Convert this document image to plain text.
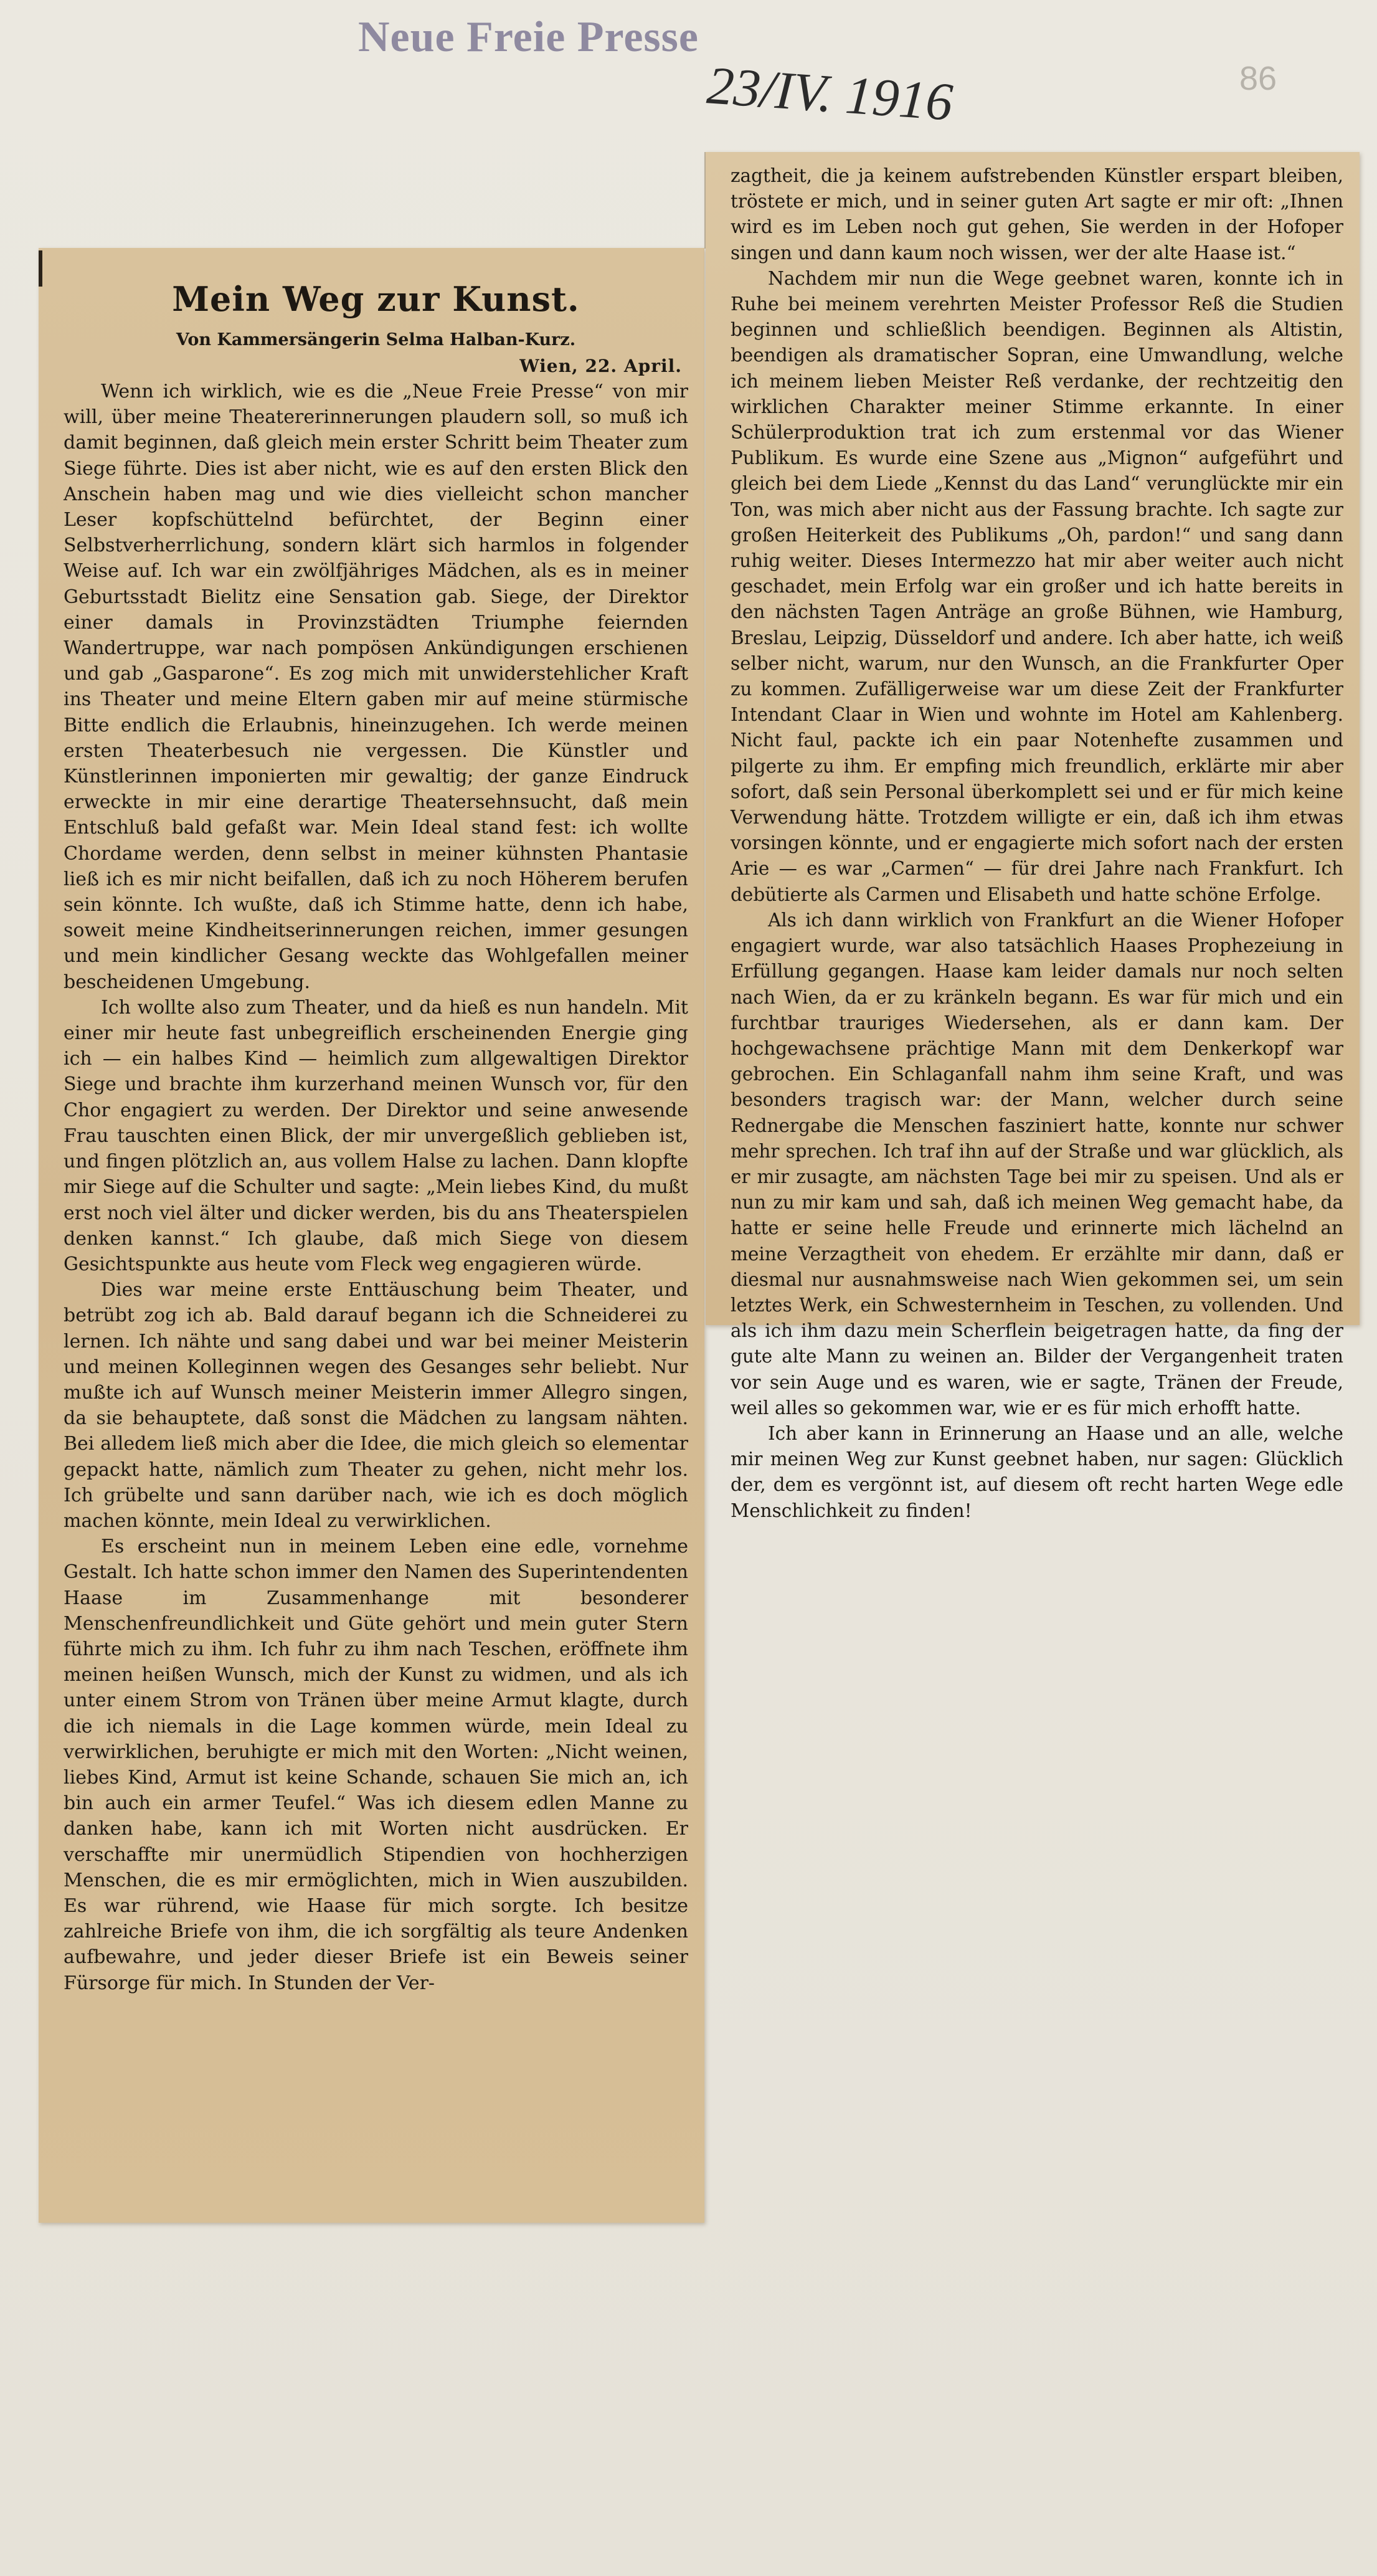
Neue Freie Presse
23/IV. 1916	86
Mein Weg zur Kunst.
Von Kammersängerin Selma Halban-Kurz.
Wien, 22. April.

Wenn ich wirklich, wie es die „Neue Freie Presse“ von mir will, über meine Theatererinnerungen plaudern soll, so muß ich damit beginnen, daß gleich mein erster Schritt beim Theater zum Siege führte. Dies ist aber nicht, wie es auf den ersten Blick den Anschein haben mag und wie dies vielleicht schon mancher Leser kopfschüttelnd befürchtet, der Beginn einer Selbstverherrlichung, sondern klärt sich harmlos in folgender Weise auf. Ich war ein zwölfjähriges Mädchen, als es in meiner Geburtsstadt Bielitz eine Sensation gab. Siege, der Direktor einer damals in Provinzstädten Triumphe feiernden Wandertruppe, war nach pompösen Ankündigungen erschienen und gab „Gasparone“. Es zog mich mit unwiderstehlicher Kraft ins Theater und meine Eltern gaben mir auf meine stürmische Bitte endlich die Erlaubnis, hineinzugehen. Ich werde meinen ersten Theaterbesuch nie vergessen. Die Künstler und Künstlerinnen imponierten mir gewaltig; der ganze Eindruck erweckte in mir eine derartige Theatersehnsucht, daß mein Entschluß bald gefaßt war. Mein Ideal stand fest: ich wollte Chordame werden, denn selbst in meiner kühnsten Phantasie ließ ich es mir nicht beifallen, daß ich zu noch Höherem berufen sein könnte. Ich wußte, daß ich Stimme hatte, denn ich habe, soweit meine Kindheitserinnerungen reichen, immer gesungen und mein kindlicher Gesang weckte das Wohlgefallen meiner bescheidenen Umgebung.

Ich wollte also zum Theater, und da hieß es nun handeln. Mit einer mir heute fast unbegreiflich erscheinenden Energie ging ich — ein halbes Kind — heimlich zum allgewaltigen Direktor Siege und brachte ihm kurzerhand meinen Wunsch vor, für den Chor engagiert zu werden. Der Direktor und seine anwesende Frau tauschten einen Blick, der mir unvergeßlich geblieben ist, und fingen plötzlich an, aus vollem Halse zu lachen. Dann klopfte mir Siege auf die Schulter und sagte: „Mein liebes Kind, du mußt erst noch viel älter und dicker werden, bis du ans Theaterspielen denken kannst.“ Ich glaube, daß mich Siege von diesem Gesichtspunkte aus heute vom Fleck weg engagieren würde.

Dies war meine erste Enttäuschung beim Theater, und betrübt zog ich ab. Bald darauf begann ich die Schneiderei zu lernen. Ich nähte und sang dabei und war bei meiner Meisterin und meinen Kolleginnen wegen des Gesanges sehr beliebt. Nur mußte ich auf Wunsch meiner Meisterin immer Allegro singen, da sie behauptete, daß sonst die Mädchen zu langsam nähten. Bei alledem ließ mich aber die Idee, die mich gleich so elementar gepackt hatte, nämlich zum Theater zu gehen, nicht mehr los. Ich grübelte und sann darüber nach, wie ich es doch möglich machen könnte, mein Ideal zu verwirklichen.

Es erscheint nun in meinem Leben eine edle, vornehme Gestalt. Ich hatte schon immer den Namen des Superintendenten Haase im Zusammenhange mit besonderer Menschenfreundlichkeit und Güte gehört und mein guter Stern führte mich zu ihm. Ich fuhr zu ihm nach Teschen, eröffnete ihm meinen heißen Wunsch, mich der Kunst zu widmen, und als ich unter einem Strom von Tränen über meine Armut klagte, durch die ich niemals in die Lage kommen würde, mein Ideal zu verwirklichen, beruhigte er mich mit den Worten: „Nicht weinen, liebes Kind, Armut ist keine Schande, schauen Sie mich an, ich bin auch ein armer Teufel.“ Was ich diesem edlen Manne zu danken habe, kann ich mit Worten nicht ausdrücken. Er verschaffte mir unermüdlich Stipendien von hochherzigen Menschen, die es mir ermöglichten, mich in Wien auszubilden. Es war rührend, wie Haase für mich sorgte. Ich besitze zahlreiche Briefe von ihm, die ich sorgfältig als teure Andenken aufbewahre, und jeder dieser Briefe ist ein Beweis seiner Fürsorge für mich. In Stunden der Ver-

zagtheit, die ja keinem aufstrebenden Künstler erspart bleiben, tröstete er mich, und in seiner guten Art sagte er mir oft: „Ihnen wird es im Leben noch gut gehen, Sie werden in der Hofoper singen und dann kaum noch wissen, wer der alte Haase ist.“

Nachdem mir nun die Wege geebnet waren, konnte ich in Ruhe bei meinem verehrten Meister Professor Reß die Studien beginnen und schließlich beendigen. Beginnen als Altistin, beendigen als dramatischer Sopran, eine Umwandlung, welche ich meinem lieben Meister Reß verdanke, der rechtzeitig den wirklichen Charakter meiner Stimme erkannte. In einer Schülerproduktion trat ich zum erstenmal vor das Wiener Publikum. Es wurde eine Szene aus „Mignon“ aufgeführt und gleich bei dem Liede „Kennst du das Land“ verunglückte mir ein Ton, was mich aber nicht aus der Fassung brachte. Ich sagte zur großen Heiterkeit des Publikums „Oh, pardon!“ und sang dann ruhig weiter. Dieses Intermezzo hat mir aber weiter auch nicht geschadet, mein Erfolg war ein großer und ich hatte bereits in den nächsten Tagen Anträge an große Bühnen, wie Hamburg, Breslau, Leipzig, Düsseldorf und andere. Ich aber hatte, ich weiß selber nicht, warum, nur den Wunsch, an die Frankfurter Oper zu kommen. Zufälligerweise war um diese Zeit der Frankfurter Intendant Claar in Wien und wohnte im Hotel am Kahlenberg. Nicht faul, packte ich ein paar Notenhefte zusammen und pilgerte zu ihm. Er empfing mich freundlich, erklärte mir aber sofort, daß sein Personal überkomplett sei und er für mich keine Verwendung hätte. Trotzdem willigte er ein, daß ich ihm etwas vorsingen könnte, und er engagierte mich sofort nach der ersten Arie — es war „Carmen“ — für drei Jahre nach Frankfurt. Ich debütierte als Carmen und Elisabeth und hatte schöne Erfolge.

Als ich dann wirklich von Frankfurt an die Wiener Hofoper engagiert wurde, war also tatsächlich Haases Prophezeiung in Erfüllung gegangen. Haase kam leider damals nur noch selten nach Wien, da er zu kränkeln begann. Es war für mich und ein furchtbar trauriges Wiedersehen, als er dann kam. Der hochgewachsene prächtige Mann mit dem Denkerkopf war gebrochen. Ein Schlaganfall nahm ihm seine Kraft, und was besonders tragisch war: der Mann, welcher durch seine Rednergabe die Menschen fasziniert hatte, konnte nur schwer mehr sprechen. Ich traf ihn auf der Straße und war glücklich, als er mir zusagte, am nächsten Tage bei mir zu speisen. Und als er nun zu mir kam und sah, daß ich meinen Weg gemacht habe, da hatte er seine helle Freude und erinnerte mich lächelnd an meine Verzagtheit von ehedem. Er erzählte mir dann, daß er diesmal nur ausnahmsweise nach Wien gekommen sei, um sein letztes Werk, ein Schwesternheim in Teschen, zu vollenden. Und als ich ihm dazu mein Scherflein beigetragen hatte, da fing der gute alte Mann zu weinen an. Bilder der Vergangenheit traten vor sein Auge und es waren, wie er sagte, Tränen der Freude, weil alles so gekommen war, wie er es für mich erhofft hatte.

Ich aber kann in Erinnerung an Haase und an alle, welche mir meinen Weg zur Kunst geebnet haben, nur sagen: Glücklich der, dem es vergönnt ist, auf diesem oft recht harten Wege edle Menschlichkeit zu finden!
